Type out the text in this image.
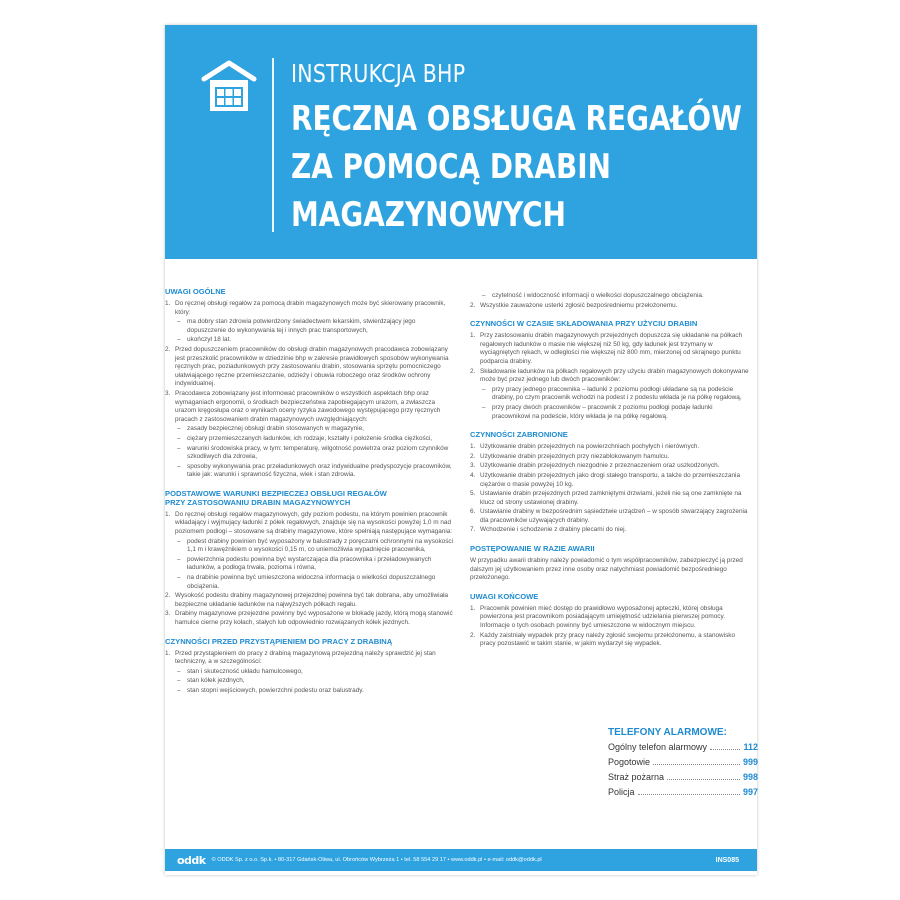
INSTRUKCJA BHP
RĘCZNA OBSŁUGA REGAŁÓW
ZA POMOCĄ DRABIN
MAGAZYNOWYCH
UWAGI OGÓLNE
1. Do ręcznej obsługi regałów za pomocą drabin magazynowych może być skierowany pracownik, który:
– ma dobry stan zdrowia potwierdzony świadectwem lekarskim, stwierdzający jego dopuszczenie do wykonywania tej i innych prac transportowych,
– ukończył 18 lat.
2. Przed dopuszczeniem pracowników do obsługi drabin magazynowych pracodawca zobowiązany jest przeszkolić pracowników w dziedzinie bhp w zakresie prawidłowych sposobów wykonywania ręcznych prac, poziadunkowych przy zastosowaniu drabin, stosowania sprzętu pomocniczego ułatwiającego ręczne przemieszczanie, odzieży i obuwia roboczego oraz środków ochrony indywidualnej.
3. Pracodawca zobowiązany jest informować pracowników o wszystkich aspektach bhp oraz wymaganiach ergonomii, o środkach bezpieczeństwa zapobiegającym urazom, a zwłaszcza urazom kręgosłupa oraz o wynikach oceny ryzyka zawodowego występującego przy ręcznych pracach z zastosowaniem drabin magazynowych uwzględniających:
– zasady bezpiecznej obsługi drabin stosowanych w magazynie,
– ciężary przemieszczanych ładunków, ich rodzaje, kształty i położenie środka ciężkości,
– warunki środowiska pracy, w tym: temperaturę, wilgotność powietrza oraz poziom czynników szkodliwych dla zdrowia,
– sposoby wykonywania prac przeładunkowych oraz indywidualne predyspozycje pracowników, takie jak: warunki i sprawność fizyczna, wiek i stan zdrowia.
PODSTAWOWE WARUNKI BEZPIECZEJ OBSŁUGI REGAŁÓW
PRZY ZASTOSOWANIU DRABIN MAGAZYNOWYCH
1. Do ręcznej obsługi regałów magazynowych, gdy poziom podestu, na którym powinien pracownik wkładający i wyjmujący ładunki z półek regałowych, znajduje się na wysokości powyżej 1,0 m nad poziomem podłogi – stosowane są drabiny magazynowe, które spełniają następujące wymagania:
– podest drabiny powinien być wyposażony w balustrady z poręczami ochronnymi na wysokości 1,1 m i krawężnikiem o wysokości 0,15 m, co uniemożliwia wypadnięcie pracownika,
– powierzchnia podestu powinna być wystarczająca dla pracownika i przeładowywanych ładunków, a podłoga trwała, pozioma i równa,
– na drabinie powinna być umieszczona widoczna informacja o wielkości dopuszczalnego obciążenia.
2. Wysokość podestu drabiny magazynowej przejezdnej powinna być tak dobrana, aby umożliwiała bezpieczne układanie ładunków na najwyższych półkach regału.
3. Drabiny magazynowe przejezdne powinny być wyposażone w blokadę jazdy, którą mogą stanowić hamulce ciernе przy kołach, stałych lub odpowiednio rozwiązanych kółek jezdnych.
CZYNNOŚCI PRZED PRZYSTĄPIENIEM DO PRACY Z DRABINĄ
1. Przed przystąpieniem do pracy z drabiną magazynową przejezdną należy sprawdzić jej stan techniczny, a w szczególności:
– stan i skuteczność układu hamulcowego,
– stan kółek jezdnych,
– stan stopni wejściowych, powierzchni podestu oraz balustrady.
– czytelność i widoczność informacji o wielkości dopuszczalnego obciążenia.
2. Wszystkie zauważone usterki zgłosić bezpośredniemu przełożonemu.
CZYNNOŚCI W CZASIE SKŁADOWANIA PRZY UŻYCIU DRABIN
1. Przy zastosowaniu drabin magazynowych przejezdnych dopuszcza się układanie na półkach regałowych ładunków o masie nie większej niż 50 kg, gdy ładunek jest trzymany w wyciągniętych rękach, w odległości nie większej niż 800 mm, mierzonej od skrajnego punktu podparcia drabiny.
2. Składowanie ładunków na półkach regałowych przy użyciu drabin magazynowych dokonywane może być przez jednego lub dwóch pracowników:
– przy pracy jednego pracownika – ładunki z poziomu podłogi układane są na podeście drabiny, po czym pracownik wchodzi na podest i z podestu wkłada je na półkę regałową,
– przy pracy dwóch pracowników – pracownik z poziomu podłogi podaje ładunki pracownikowi na podeście, który wkłada je na półkę regałową.
CZYNNOŚCI ZABRONIONE
1. Użytkowanie drabin przejezdnych na powierzchniach pochyłych i nierównych.
2. Użytkowanie drabin przejezdnych przy niezablokowanym hamulcu.
3. Użytkowanie drabin przejezdnych niezgodnie z przeznaczeniem oraz uszkodzonych.
4. Użytkowanie drabin przejezdnych jako drogi stałego transportu, a także do przemieszczania ciężarów o masie powyżej 10 kg.
5. Ustawianie drabin przejezdnych przed zamkniętymi drzwiami, jeżeli nie są one zamknięte na klucz od strony ustawionej drabiny.
6. Ustawianie drabiny w bezpośrednim sąsiedztwie urządzeń – w sposób stwarzający zagrożenia dla pracowników używających drabiny.
7. Wchodzenie i schodzenie z drabiny plecami do niej.
POSTĘPOWANIE W RAZIE AWARII
W przypadku awarii drabiny należy powiadomić o tym współpracowników, zabezpieczyć ją przed dalszym jej użytkowaniem przez inne osoby oraz natychmiast powiadomić bezpośredniego przełożonego.
UWAGI KOŃCOWE
1. Pracownik powinien mieć dostęp do prawidłowo wyposażonej apteczki, której obsługa powierzona jest pracownikom posiadającym umiejętność udzielania pierwszej pomocy. Informacje o tych osobach powinny być umieszczone w widocznym miejscu.
2. Każdy zaistniały wypadek przy pracy należy zgłosić swojemu przełożonemu, a stanowisko pracy pozostawić w takim stanie, w jakim wydarzył się wypadek.
TELEFONY ALARMOWE:
Ogólny telefon alarmowy	112
Pogotowie	999
Straż pożarna	998
Policja	997
oddk © ODDK Sp. z o.o. Sp.k. • 80-317 Gdańsk-Oliwa, ul. Obrońców Wybrzeża 1 • tel. 58 554 29 17 • www.oddk.pl • e-mail: oddk@oddk.pl	INS085
